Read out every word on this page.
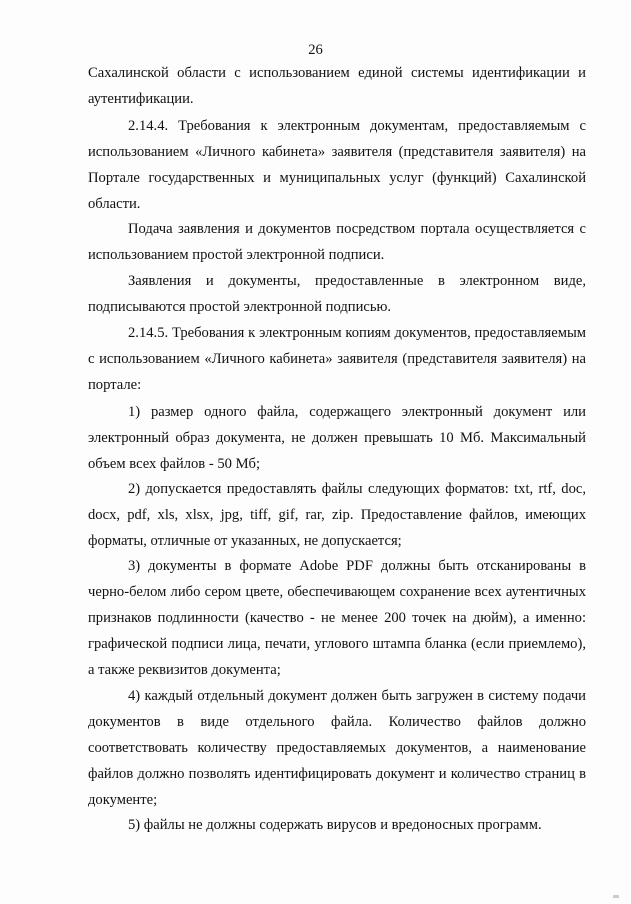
26

Сахалинской области с использованием единой системы идентификации и аутентификации.

2.14.4. Требования к электронным документам, предоставляемым с использованием «Личного кабинета» заявителя (представителя заявителя) на Портале государственных и муниципальных услуг (функций) Сахалинской области.

Подача заявления и документов посредством портала осуществляется с использованием простой электронной подписи.

Заявления и документы, предоставленные в электронном виде, подписываются простой электронной подписью.

2.14.5. Требования к электронным копиям документов, предоставляемым с использованием «Личного кабинета» заявителя (представителя заявителя) на портале:

1) размер одного файла, содержащего электронный документ или электронный образ документа, не должен превышать 10 Мб. Максимальный объем всех файлов - 50 Мб;

2) допускается предоставлять файлы следующих форматов: txt, rtf, doc, docx, pdf, xls, xlsx, jpg, tiff, gif, rar, zip. Предоставление файлов, имеющих форматы, отличные от указанных, не допускается;

3) документы в формате Adobe PDF должны быть отсканированы в черно-белом либо сером цвете, обеспечивающем сохранение всех аутентичных признаков подлинности (качество - не менее 200 точек на дюйм), а именно: графической подписи лица, печати, углового штампа бланка (если приемлемо), а также реквизитов документа;

4) каждый отдельный документ должен быть загружен в систему подачи документов в виде отдельного файла. Количество файлов должно соответствовать количеству предоставляемых документов, а наименование файлов должно позволять идентифицировать документ и количество страниц в документе;

5) файлы не должны содержать вирусов и вредоносных программ.
